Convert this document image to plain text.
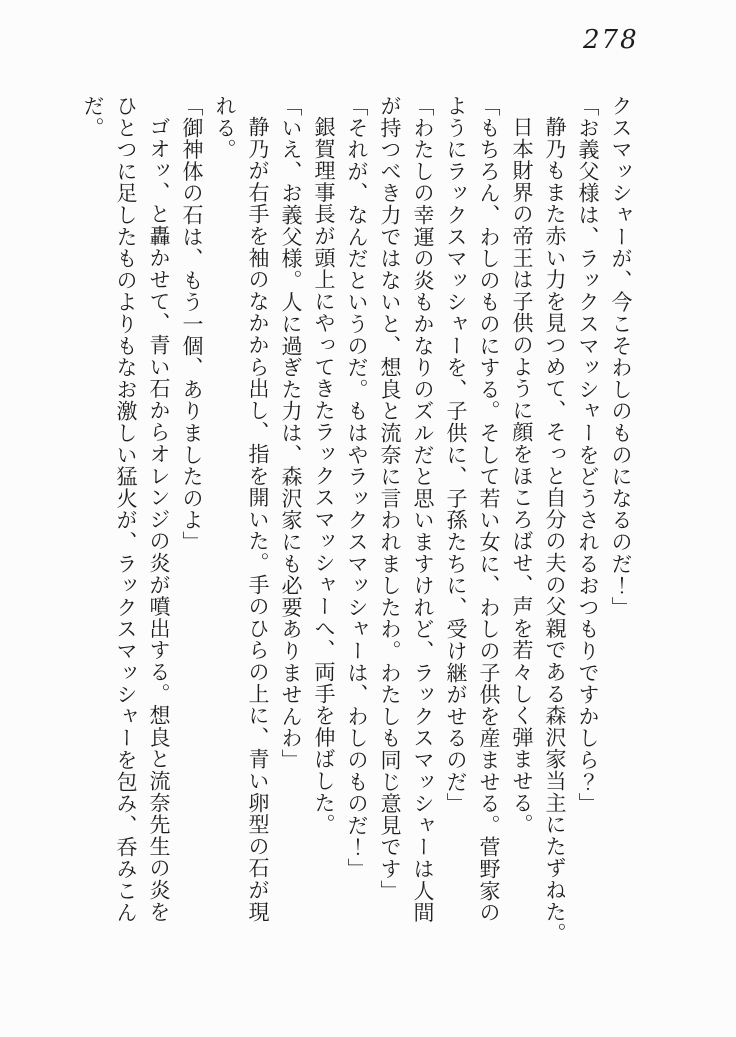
278

クスマッシャーが、今こそわしのものになるのだ！」

「お義父様は、ラックスマッシャーをどうされるおつもりですかしら？」

静乃もまた赤い力を見つめて、そっと自分の夫の父親である森沢家当主にたずねた。

日本財界の帝王は子供のように顔をほころばせ、声を若々しく弾ませる。

「もちろん、わしのものにする。そして若い女に、わしの子供を産ませる。菅野家の

ようにラックスマッシャーを、子供に、子孫たちに、受け継がせるのだ」

「わたしの幸運の炎もかなりのズルだと思いますけれど、ラックスマッシャーは人間

が持つべき力ではないと、想良と流奈に言われましたわ。わたしも同じ意見です」

「それが、なんだというのだ。もはやラックスマッシャーは、わしのものだ！」

銀賀理事長が頭上にやってきたラックスマッシャーへ、両手を伸ばした。

「いえ、お義父様。人に過ぎた力は、森沢家にも必要ありませんわ」

静乃が右手を袖のなかから出し、指を開いた。手のひらの上に、青い卵型の石が現

れる。

「御神体の石は、もう一個、ありましたのよ」

ゴオッ、と轟かせて、青い石からオレンジの炎が噴出する。想良と流奈先生の炎を

ひとつに足したものよりもなお激しい猛火が、ラックスマッシャーを包み、呑みこん

だ。
